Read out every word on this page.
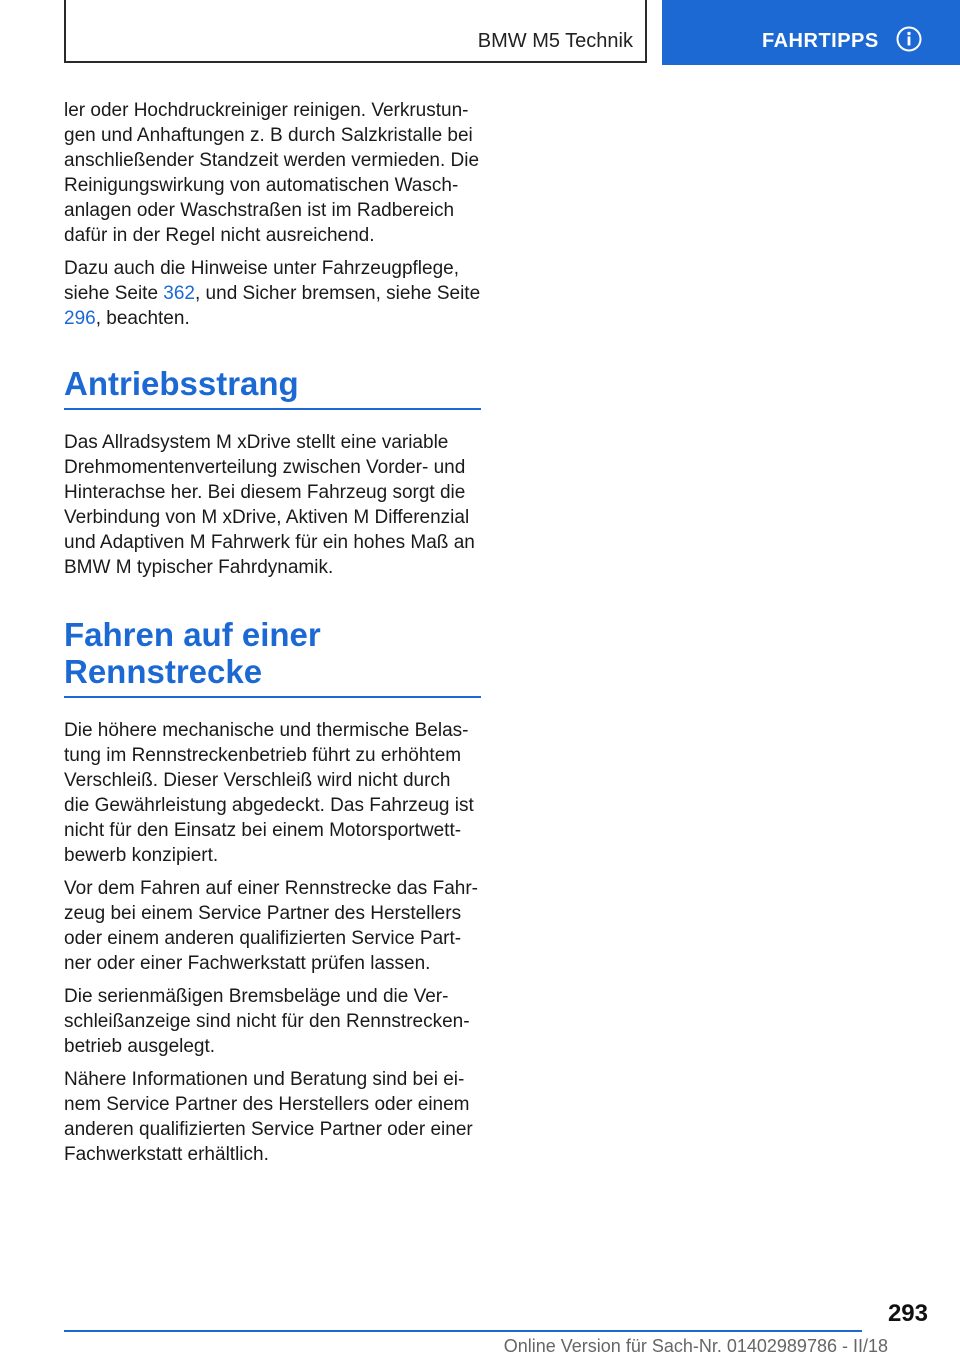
BMW M5 Technik	FAHRTIPPS

ler oder Hochdruckreiniger reinigen. Verkrustungen und Anhaftungen z. B durch Salzkristalle bei anschließender Standzeit werden vermieden. Die Reinigungswirkung von automatischen Waschanlagen oder Waschstraßen ist im Radbereich dafür in der Regel nicht ausreichend.

Dazu auch die Hinweise unter Fahrzeugpflege, siehe Seite 362, und Sicher bremsen, siehe Seite 296, beachten.

Antriebsstrang

Das Allradsystem M xDrive stellt eine variable Drehmomentenverteilung zwischen Vorder- und Hinterachse her. Bei diesem Fahrzeug sorgt die Verbindung von M xDrive, Aktiven M Differenzial und Adaptiven M Fahrwerk für ein hohes Maß an BMW M typischer Fahrdynamik.

Fahren auf einer Rennstrecke

Die höhere mechanische und thermische Belastung im Rennstreckenbetrieb führt zu erhöhtem Verschleiß. Dieser Verschleiß wird nicht durch die Gewährleistung abgedeckt. Das Fahrzeug ist nicht für den Einsatz bei einem Motorsportwettbewerb konzipiert.

Vor dem Fahren auf einer Rennstrecke das Fahrzeug bei einem Service Partner des Herstellers oder einem anderen qualifizierten Service Partner oder einer Fachwerkstatt prüfen lassen.

Die serienmäßigen Bremsbeläge und die Verschleißanzeige sind nicht für den Rennstreckenbetrieb ausgelegt.

Nähere Informationen und Beratung sind bei einem Service Partner des Herstellers oder einem anderen qualifizierten Service Partner oder einer Fachwerkstatt erhältlich.

293
Online Version für Sach-Nr. 01402989786 - II/18
